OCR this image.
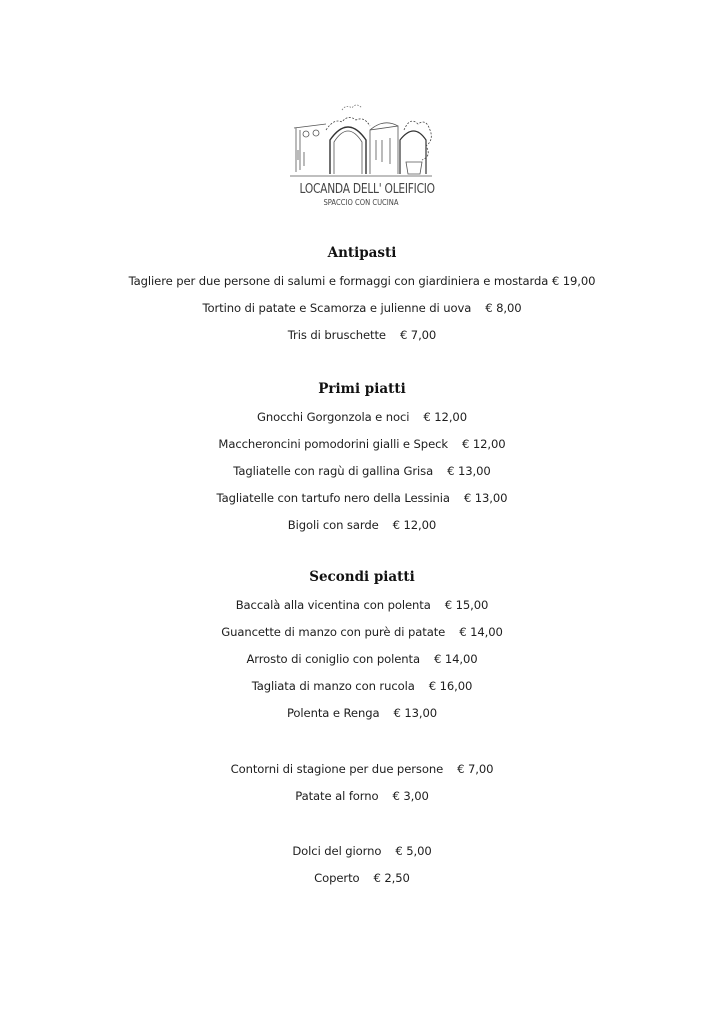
LOCANDA DELL' OLEIFICIO
SPACCIO CON CUCINA
Antipasti
Tagliere per due persone di salumi e formaggi con giardiniera e mostarda € 19,00
Tortino di patate e Scamorza e julienne di uova € 8,00
Tris di bruschette € 7,00
Primi piatti
Gnocchi Gorgonzola e noci € 12,00
Maccheroncini pomodorini gialli e Speck € 12,00
Tagliatelle con ragù di gallina Grisa € 13,00
Tagliatelle con tartufo nero della Lessinia € 13,00
Bigoli con sarde € 12,00
Secondi piatti
Baccalà alla vicentina con polenta € 15,00
Guancette di manzo con purè di patate € 14,00
Arrosto di coniglio con polenta € 14,00
Tagliata di manzo con rucola € 16,00
Polenta e Renga € 13,00
Contorni di stagione per due persone € 7,00
Patate al forno € 3,00
Dolci del giorno € 5,00
Coperto € 2,50
